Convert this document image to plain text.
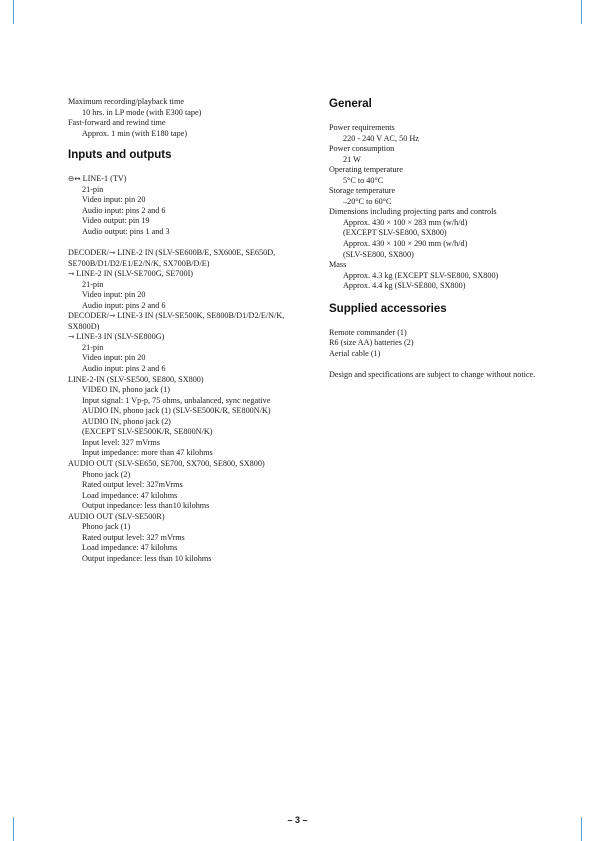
Maximum recording/playback time
10 hrs. in LP mode (with E300 tape)
Fast-forward and rewind time
Approx. 1 min (with E180 tape)
Inputs and outputs
⊖↔ LINE-1 (TV)
21-pin
Video input: pin 20
Audio input: pins 2 and 6
Video output: pin 19
Audio output: pins 1 and 3
DECODER/⊸ LINE-2 IN (SLV-SE600B/E, SX600E, SE650D, SE700B/D1/D2/E1/E2/N/K, SX700B/D/E)
⊸ LINE-2 IN (SLV-SE700G, SE700I)
21-pin
Video input: pin 20
Audio input: pins 2 and 6
DECODER/⊸ LINE-3 IN (SLV-SE500K, SE800B/D1/D2/E/N/K, SX800D)
⊸ LINE-3 IN (SLV-SE800G)
21-pin
Video input: pin 20
Audio input: pins 2 and 6
LINE-2-IN (SLV-SE500, SE800, SX800)
VIDEO IN, phono jack (1)
Input signal: 1 Vp-p, 75 ohms, unbalanced, sync negative
AUDIO IN, phono jack (1) (SLV-SE500K/R, SE800N/K)
AUDIO IN, phono jack (2)
(EXCEPT SLV-SE500K/R, SE800N/K)
Input level: 327 mVrms
Input impedance: more than 47 kilohms
AUDIO OUT (SLV-SE650, SE700, SX700, SE800, SX800)
Phono jack (2)
Rated output level: 327mVrms
Load impedance: 47 kilohms
Output inpedance: less than10 kilohms
AUDIO OUT (SLV-SE500R)
Phono jack (1)
Rated output level: 327 mVrms
Load impedance: 47 kilohms
Output inpedance: less than 10 kilohms
General
Power requirements
220 - 240 V AC, 50 Hz
Power consumption
21 W
Operating temperature
5°C to 40°C
Storage temperature
–20°C to 60°C
Dimensions including projecting parts and controls
Approx. 430 × 100 × 283 mm (w/h/d)
(EXCEPT SLV-SE800, SX800)
Approx. 430 × 100 × 290 mm (w/h/d)
(SLV-SE800, SX800)
Mass
Approx. 4.3 kg (EXCEPT SLV-SE800, SX800)
Approx. 4.4 kg (SLV-SE800, SX800)
Supplied accessories
Remote commander (1)
R6 (size AA) batteries (2)
Aerial cable (1)
Design and specifications are subject to change without notice.
– 3 –
